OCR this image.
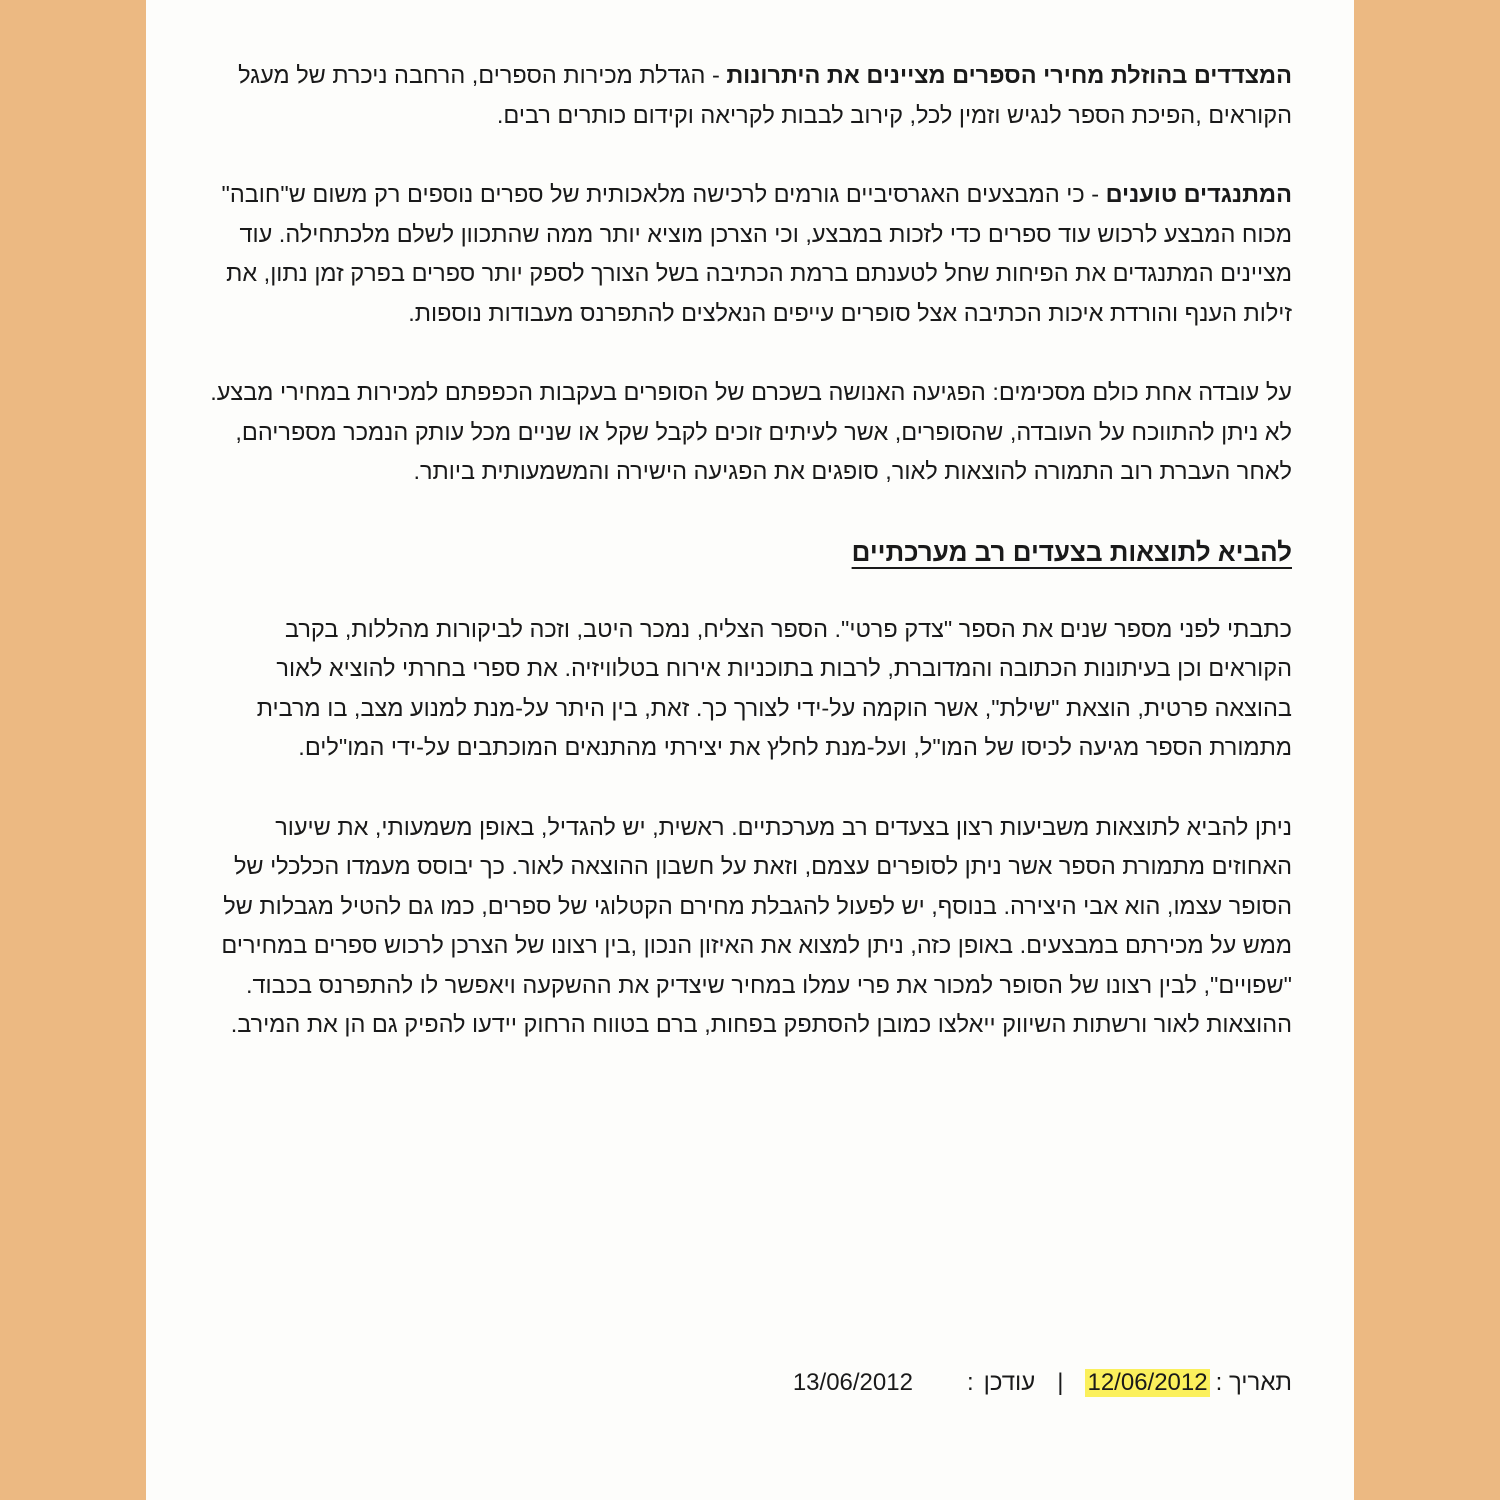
המצדדים בהוזלת מחירי הספרים מציינים את היתרונות - הגדלת מכירות הספרים, הרחבה ניכרת של מעגל הקוראים ,הפיכת הספר לנגיש וזמין לכל, קירוב לבבות לקריאה וקידום כותרים רבים.

המתנגדים טוענים - כי המבצעים האגרסיביים גורמים לרכישה מלאכותית של ספרים נוספים רק משום ש"חובה" מכוח המבצע לרכוש עוד ספרים כדי לזכות במבצע, וכי הצרכן מוציא יותר ממה שהתכוון לשלם מלכתחילה. עוד מציינים המתנגדים את הפיחות שחל לטענתם ברמת הכתיבה בשל הצורך לספק יותר ספרים בפרק זמן נתון, את זילות הענף והורדת איכות הכתיבה אצל סופרים עייפים הנאלצים להתפרנס מעבודות נוספות.

על עובדה אחת כולם מסכימים: הפגיעה האנושה בשכרם של הסופרים בעקבות הכפפתם למכירות במחירי מבצע. לא ניתן להתווכח על העובדה, שהסופרים, אשר לעיתים זוכים לקבל שקל או שניים מכל עותק הנמכר מספריהם, לאחר העברת רוב התמורה להוצאות לאור, סופגים את הפגיעה הישירה והמשמעותית ביותר.

להביא לתוצאות בצעדים רב מערכתיים

כתבתי לפני מספר שנים את הספר "צדק פרטי". הספר הצליח, נמכר היטב, וזכה לביקורות מהללות, בקרב הקוראים וכן בעיתונות הכתובה והמדוברת, לרבות בתוכניות אירוח בטלוויזיה. את ספרי בחרתי להוציא לאור בהוצאה פרטית, הוצאת "שילת", אשר הוקמה על-ידי לצורך כך. זאת, בין היתר על-מנת למנוע מצב, בו מרבית מתמורת הספר מגיעה לכיסו של המו"ל, ועל-מנת לחלץ את יצירתי מהתנאים המוכתבים על-ידי המו"לים.

ניתן להביא לתוצאות משביעות רצון בצעדים רב מערכתיים. ראשית, יש להגדיל, באופן משמעותי, את שיעור האחוזים מתמורת הספר אשר ניתן לסופרים עצמם, וזאת על חשבון ההוצאה לאור. כך יבוסס מעמדו הכלכלי של הסופר עצמו, הוא אבי היצירה. בנוסף, יש לפעול להגבלת מחירם הקטלוגי של ספרים, כמו גם להטיל מגבלות של ממש על מכירתם במבצעים. באופן כזה, ניתן למצוא את האיזון הנכון ,בין רצונו של הצרכן לרכוש ספרים במחירים "שפויים", לבין רצונו של הסופר למכור את פרי עמלו במחיר שיצדיק את ההשקעה ויאפשר לו להתפרנס בכבוד. ההוצאות לאור ורשתות השיווק ייאלצו כמובן להסתפק בפחות, ברם בטווח הרחוק יידעו להפיק גם הן את המירב.

תאריך :12/06/2012|עודכן:13/06/2012
